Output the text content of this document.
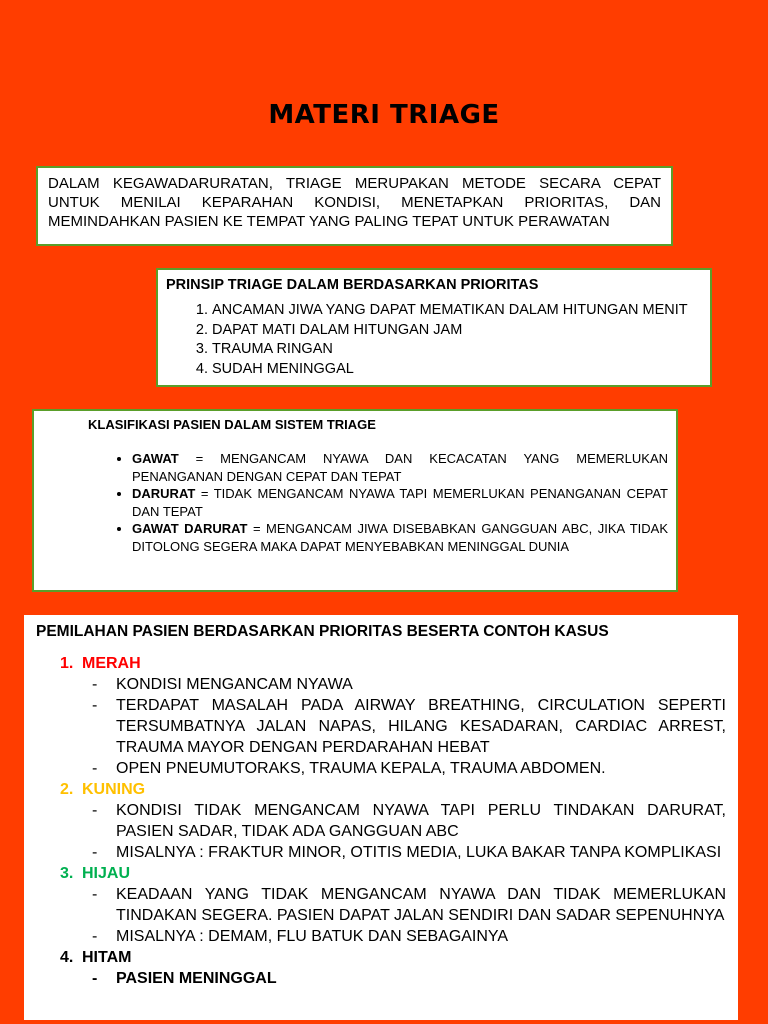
MATERI TRIAGE

DALAM KEGAWADARURATAN, TRIAGE MERUPAKAN METODE SECARA CEPAT UNTUK MENILAI KEPARAHAN KONDISI, MENETAPKAN PRIORITAS, DAN MEMINDAHKAN PASIEN KE TEMPAT YANG PALING TEPAT UNTUK PERAWATAN

PRINSIP TRIAGE DALAM BERDASARKAN PRIORITAS
1. ANCAMAN JIWA YANG DAPAT MEMATIKAN DALAM HITUNGAN MENIT
2. DAPAT MATI DALAM HITUNGAN JAM
3. TRAUMA RINGAN
4. SUDAH MENINGGAL
KLASIFIKASI PASIEN DALAM SISTEM TRIAGE
• GAWAT = MENGANCAM NYAWA DAN KECACATAN YANG MEMERLUKAN PENANGANAN DENGAN CEPAT DAN TEPAT
• DARURAT = TIDAK MENGANCAM NYAWA TAPI MEMERLUKAN PENANGANAN CEPAT DAN TEPAT
• GAWAT DARURAT = MENGANCAM JIWA DISEBABKAN GANGGUAN ABC, JIKA TIDAK DITOLONG SEGERA MAKA DAPAT MENYEBABKAN MENINGGAL DUNIA
PEMILAHAN PASIEN BERDASARKAN PRIORITAS BESERTA CONTOH KASUS
1. MERAH
- KONDISI MENGANCAM NYAWA
- TERDAPAT MASALAH PADA AIRWAY BREATHING, CIRCULATION SEPERTI TERSUMBATNYA JALAN NAPAS, HILANG KESADARAN, CARDIAC ARREST, TRAUMA MAYOR DENGAN PERDARAHAN HEBAT
- OPEN PNEUMUTORAKS, TRAUMA KEPALA, TRAUMA ABDOMEN.
2. KUNING
- KONDISI TIDAK MENGANCAM NYAWA TAPI PERLU TINDAKAN DARURAT, PASIEN SADAR, TIDAK ADA GANGGUAN ABC
- MISALNYA : FRAKTUR MINOR, OTITIS MEDIA, LUKA BAKAR TANPA KOMPLIKASI
3. HIJAU
- KEADAAN YANG TIDAK MENGANCAM NYAWA DAN TIDAK MEMERLUKAN TINDAKAN SEGERA. PASIEN DAPAT JALAN SENDIRI DAN SADAR SEPENUHNYA
- MISALNYA : DEMAM, FLU BATUK DAN SEBAGAINYA
4. HITAM
- PASIEN MENINGGAL
